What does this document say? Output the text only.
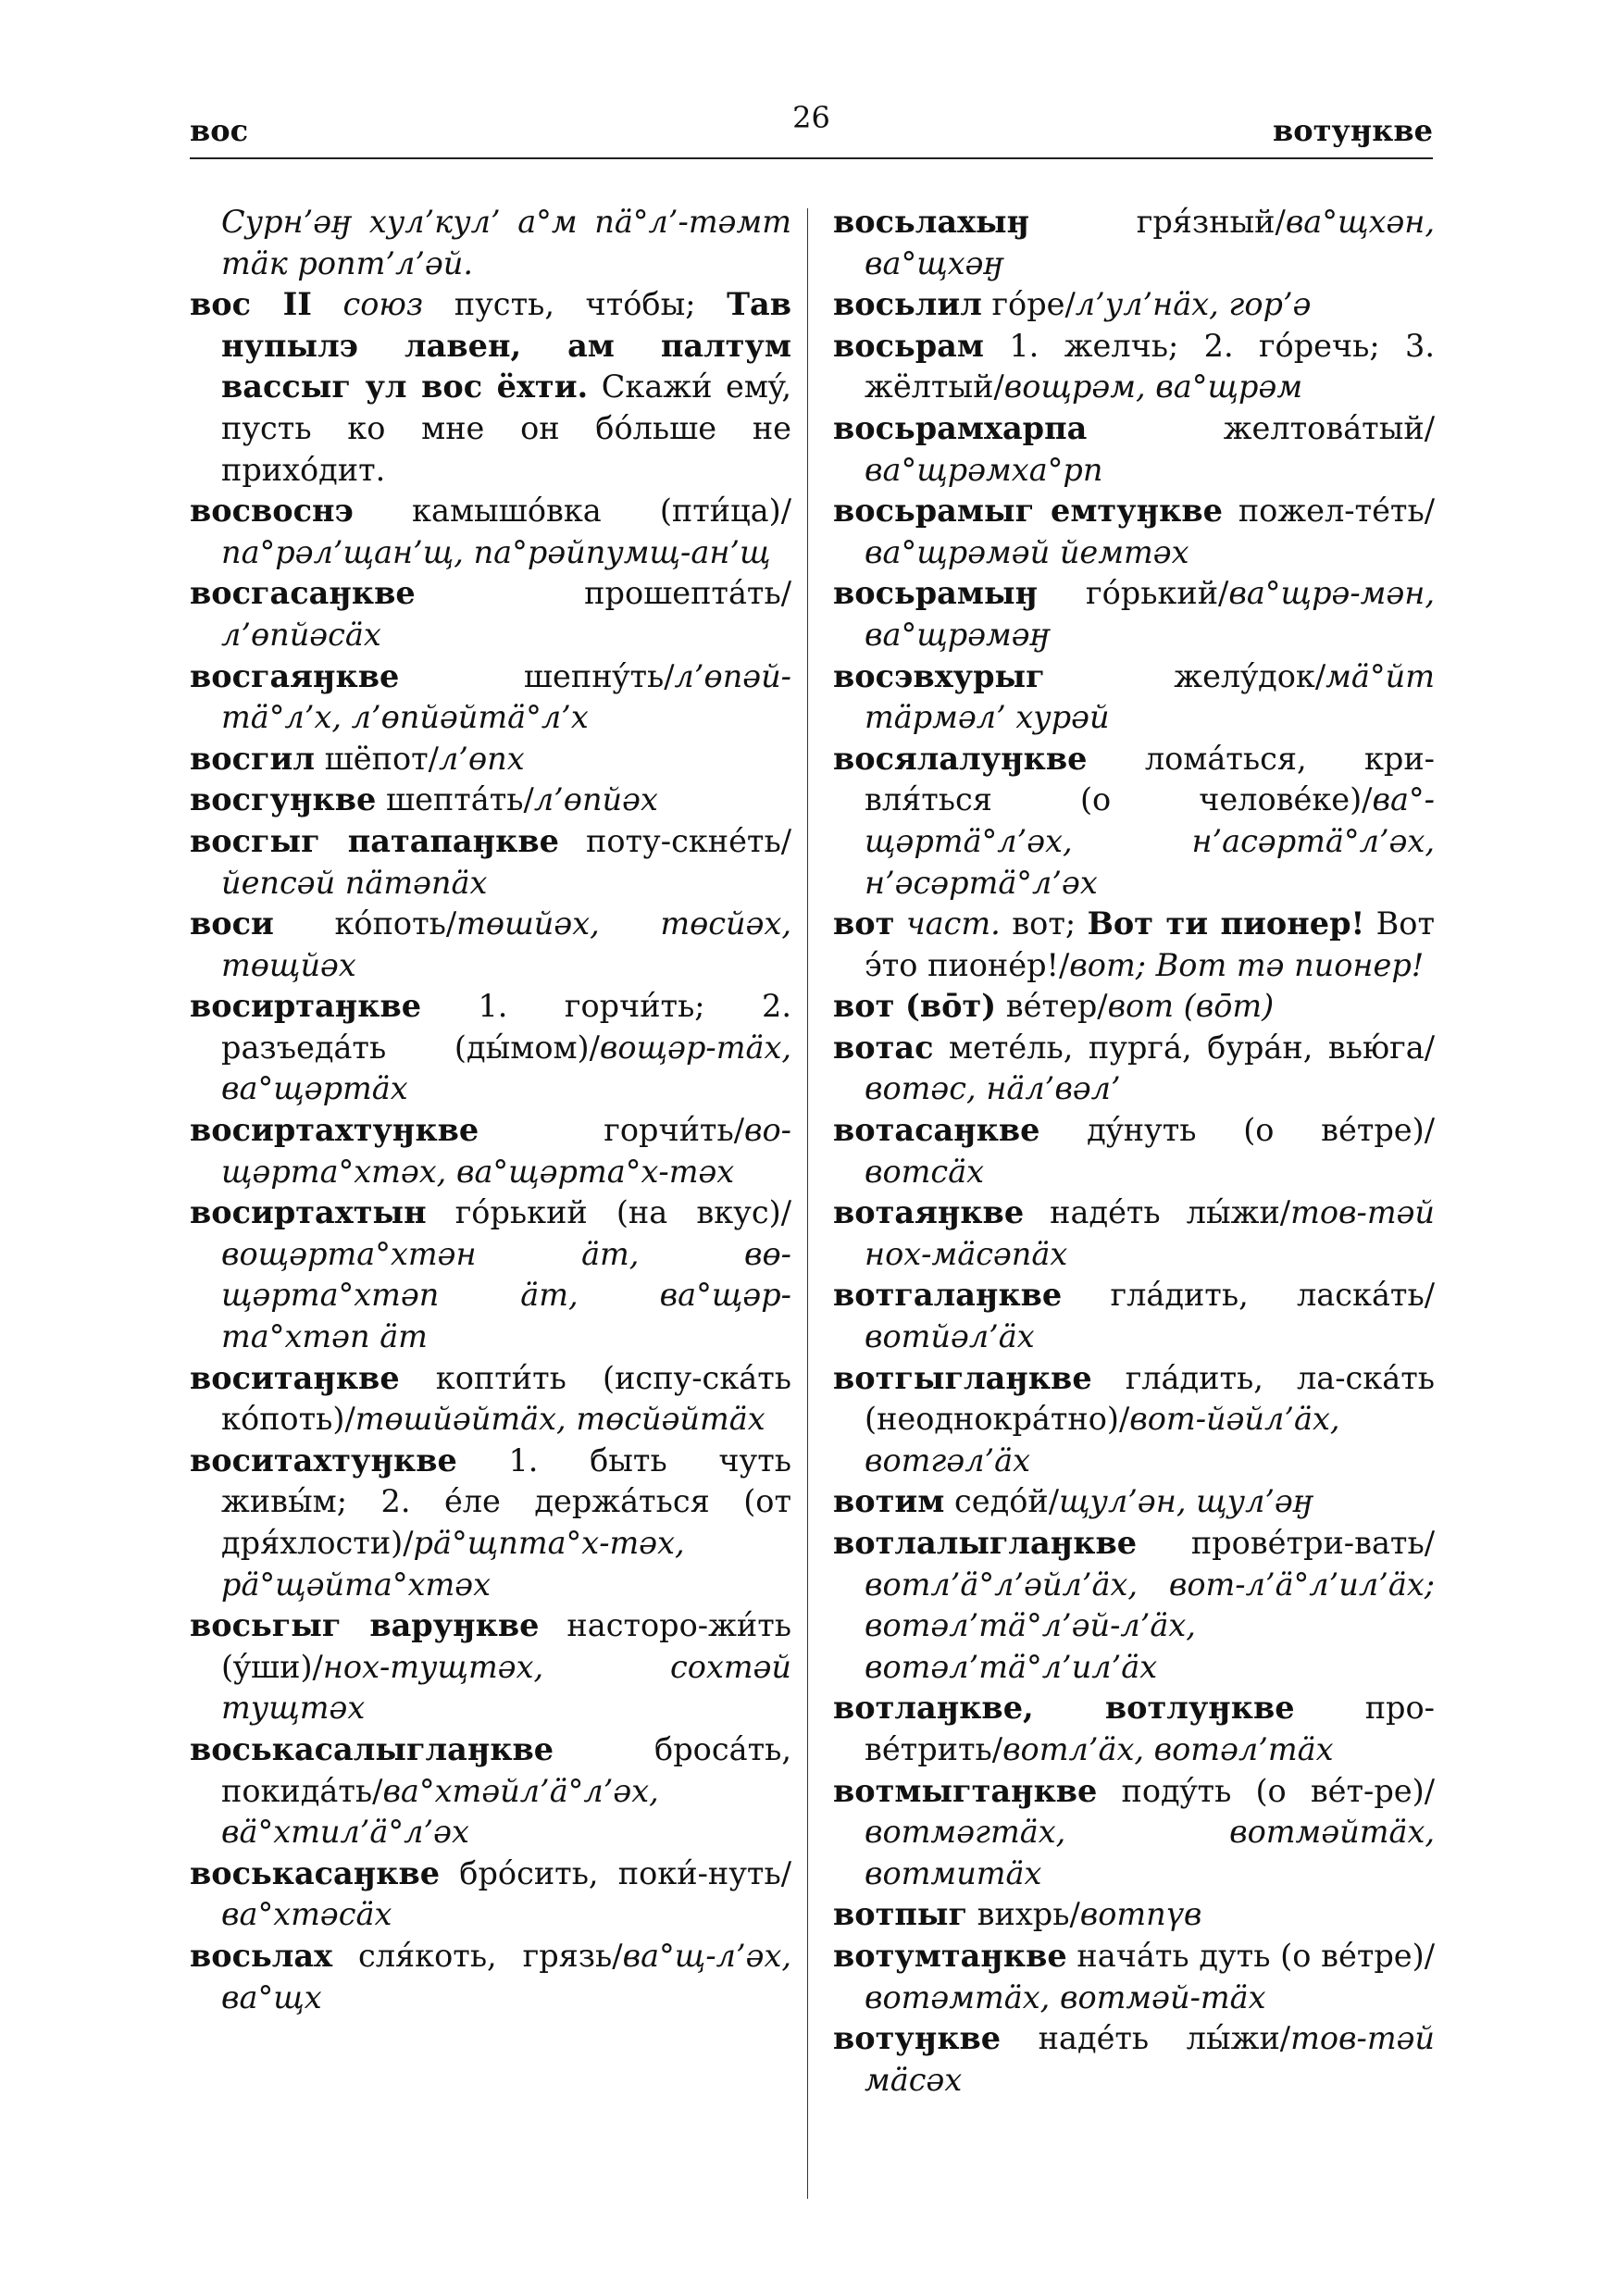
вос	26	вотуӈкве

Сурн’әӈ хул’кул’ а°м пä°л’-тәмт тäк ропт’л’әй.

вос II союз пусть, чтóбы; Тав нупылэ лавен, ам палтум вассыг ул вос ёхти. Скажи́ емý, пусть ко мне он бóльше не прихóдит.

восвоснэ камышóвка (пти́ца)/па°рәл’щан’щ, па°рәйпумщ-ан’щ

восгасаӈкве прошептáть/л’өпйәсäх

восгаяӈкве шепнýть/л’өпәй-тä°л’х, л’өпйәйтä°л’х

восгил шёпот/л’өпх

восгуӈкве шептáть/л’өпйәх

восгыг патапаӈкве поту-скнéть/йепсәй пäтәпäх

воси кóпоть/төшйәх, төсйәх, төщйәх

восиртаӈкве 1. горчи́ть; 2. разъедáть (ды́мом)/вощәр-тäх, ва°щәртäх

восиртахтуӈкве горчи́ть/во-щәрта°хтәх, ва°щәрта°х-тәх

восиртахтын гóрький (на вкус)/вощәрта°хтән äт, вө-щәрта°хтәп äт, ва°щәр-та°хтәп äт

воситаӈкве копти́ть (испу-скáть кóпоть)/төшйәйтäх, төсйәйтäх

воситахтуӈкве 1. быть чуть живы́м; 2. éле держáться (от дря́хлости)/рä°щпта°х-тәх, рä°щәйта°хтәх

восьгыг варуӈкве насторо-жи́ть (ýши)/нох-тущтәх, сохтәй тущтәх

воськасалыглаӈкве бросáть, покидáть/ва°хтәйл’ä°л’әх, вä°хтил’ä°л’әх

воськасаӈкве брóсить, поки́-нуть/ва°хтәсäх

восьлах сля́коть, грязь/ва°щ-л’әх, ва°щх

восьлахыӈ гря́зный/ва°щхән, ва°щхәӈ

восьлил гóре/л’ул’нäх, гор’ә

восьрам 1. желчь; 2. гóречь; 3. жёлтый/вощрәм, ва°щрәм

восьрамхарпа желтовáтый/ва°щрәмха°рп

восьрамыг емтуӈкве пожел-тéть/ва°щрәмәй йемтәх

восьрамыӈ гóрький/ва°щрә-мән, ва°щрәмәӈ

восэвхурыг желýдок/мä°йт тäрмәл’ хурәй

восялалуӈкве ломáться, кри-вля́ться (о человéке)/ва°-щәртä°л’әх, н’асәртä°л’әх, н’әсәртä°л’әх

вот част. вот; Вот ти пионер! Вот э́то пионéр!/вот; Вот тә пионер!

вот (вōт) вéтер/вот (вōт)

вотас метéль, пургá, бурáн, вью́га/вотәс, нäл’вәл’

вотасаӈкве дýнуть (о вéтре)/вотсäх

вотаяӈкве надéть лы́жи/тов-тәй нох-мäсәпäх

вотгалаӈкве глáдить, ласкáть/вотйәл’äх

вотгыглаӈкве глáдить, ла-скáть (неоднокрáтно)/вот-йәйл’äх, вотгәл’äх

вотим седóй/щул’ән, щул’әӈ

вотлалыглаӈкве провéтри-вать/вотл’ä°л’әйл’äх, вот-л’ä°л’ил’äх; вотәл’тä°л’әй-л’äх, вотәл’тä°л’ил’äх

вотлаӈкве, вотлуӈкве про-вéтрить/вотл’äх, вотәл’тäх

вотмыгтаӈкве подýть (о вéт-ре)/вотмәгтäх, вотмәйтäх, вотмитäх

вотпыг вихрь/вотпүв

вотумтаӈкве начáть дуть (о вéтре)/вотәмтäх, вотмәй-тäх

вотуӈкве надéть лы́жи/тов-тәй мäсәх
